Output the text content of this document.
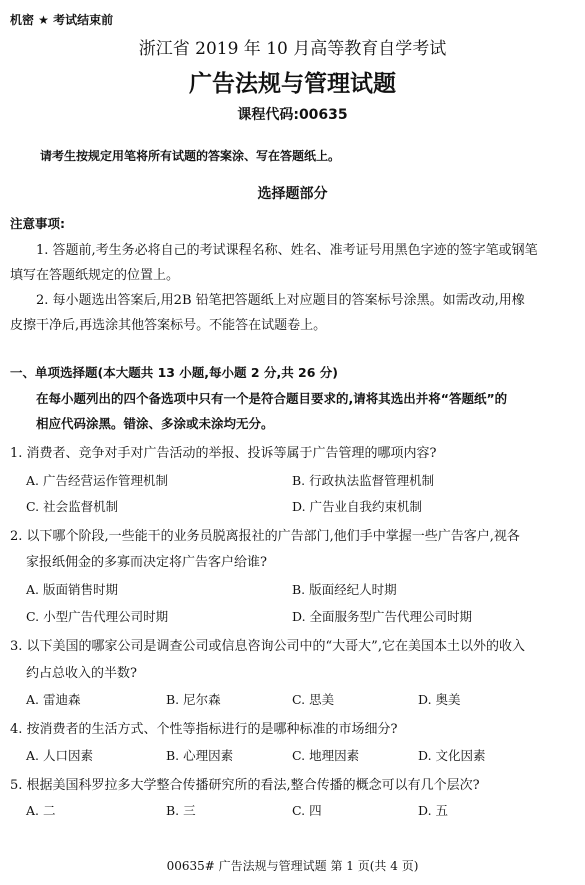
机密 ★ 考试结束前
浙江省 2019 年 10 月高等教育自学考试
广告法规与管理试题
课程代码:00635
请考生按规定用笔将所有试题的答案涂、写在答题纸上。
选择题部分
注意事项:
1. 答题前,考生务必将自己的考试课程名称、姓名、准考证号用黑色字迹的签字笔或钢笔
填写在答题纸规定的位置上。
2. 每小题选出答案后,用2B 铅笔把答题纸上对应题目的答案标号涂黑。如需改动,用橡
皮擦干净后,再选涂其他答案标号。不能答在试题卷上。
一、单项选择题(本大题共 13 小题,每小题 2 分,共 26 分)
在每小题列出的四个备选项中只有一个是符合题目要求的,请将其选出并将“答题纸”的
相应代码涂黑。错涂、多涂或未涂均无分。
1. 消费者、竞争对手对广告活动的举报、投诉等属于广告管理的哪项内容?
A. 广告经营运作管理机制	B. 行政执法监督管理机制
C. 社会监督机制	D. 广告业自我约束机制
2. 以下哪个阶段,一些能干的业务员脱离报社的广告部门,他们手中掌握一些广告客户,视各
家报纸佣金的多寡而决定将广告客户给谁?
A. 版面销售时期	B. 版面经纪人时期
C. 小型广告代理公司时期	D. 全面服务型广告代理公司时期
3. 以下美国的哪家公司是调查公司或信息咨询公司中的“大哥大”,它在美国本土以外的收入
约占总收入的半数?
A. 雷迪森	B. 尼尔森	C. 思美	D. 奥美
4. 按消费者的生活方式、个性等指标进行的是哪种标准的市场细分?
A. 人口因素	B. 心理因素	C. 地理因素	D. 文化因素
5. 根据美国科罗拉多大学整合传播研究所的看法,整合传播的概念可以有几个层次?
A. 二	B. 三	C. 四	D. 五
00635# 广告法规与管理试题 第 1 页(共 4 页)
